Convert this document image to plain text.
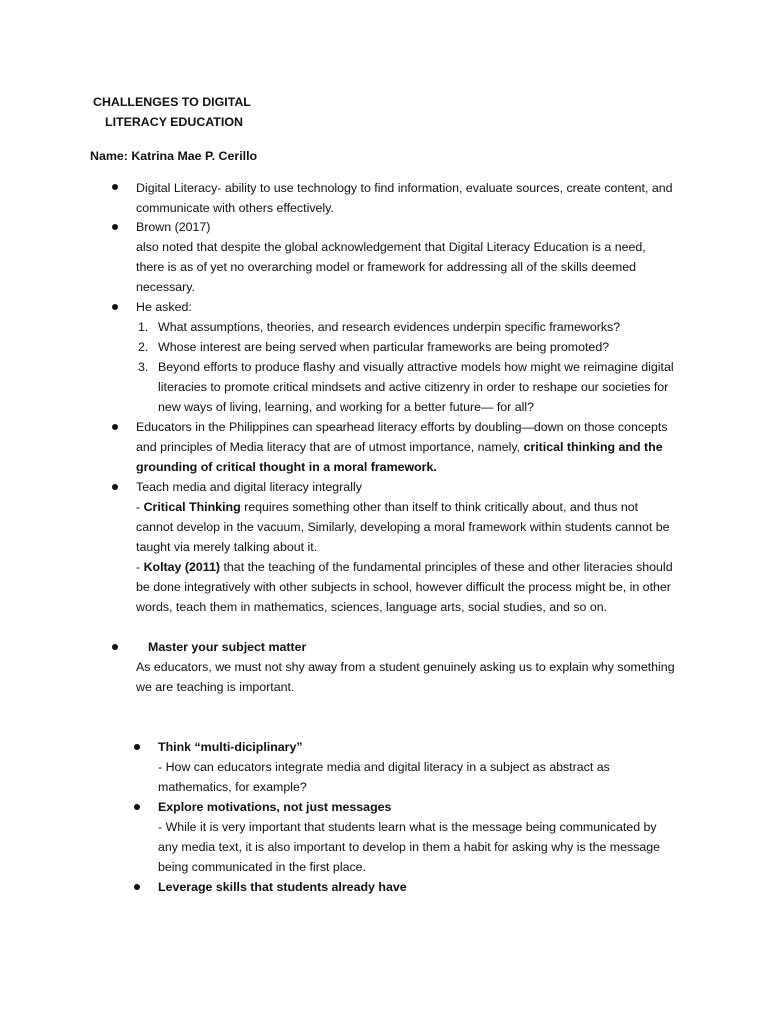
CHALLENGES TO DIGITAL
LITERACY EDUCATION
Name: Katrina Mae P. Cerillo
Digital Literacy- ability to use technology to find information, evaluate sources, create content, and communicate with others effectively.
Brown (2017)
also noted that despite the global acknowledgement that Digital Literacy Education is a need, there is as of yet no overarching model or framework for addressing all of the skills deemed necessary.
He asked:
1. What assumptions, theories, and research evidences underpin specific frameworks?
2. Whose interest are being served when particular frameworks are being promoted?
3. Beyond efforts to produce flashy and visually attractive models how might we reimagine digital literacies to promote critical mindsets and active citizenry in order to reshape our societies for new ways of living, learning, and working for a better future— for all?
Educators in the Philippines can spearhead literacy efforts by doubling—down on those concepts and principles of Media literacy that are of utmost importance, namely, critical thinking and the grounding of critical thought in a moral framework.
Teach media and digital literacy integrally
- Critical Thinking requires something other than itself to think critically about, and thus not cannot develop in the vacuum, Similarly, developing a moral framework within students cannot be taught via merely talking about it.
- Koltay (2011) that the teaching of the fundamental principles of these and other literacies should be done integratively with other subjects in school, however difficult the process might be, in other words, teach them in mathematics, sciences, language arts, social studies, and so on.
Master your subject matter
As educators, we must not shy away from a student genuinely asking us to explain why something we are teaching is important.
Think “multi-diciplinary”
- How can educators integrate media and digital literacy in a subject as abstract as mathematics, for example?
Explore motivations, not just messages
- While it is very important that students learn what is the message being communicated by any media text, it is also important to develop in them a habit for asking why is the message being communicated in the first place.
Leverage skills that students already have
